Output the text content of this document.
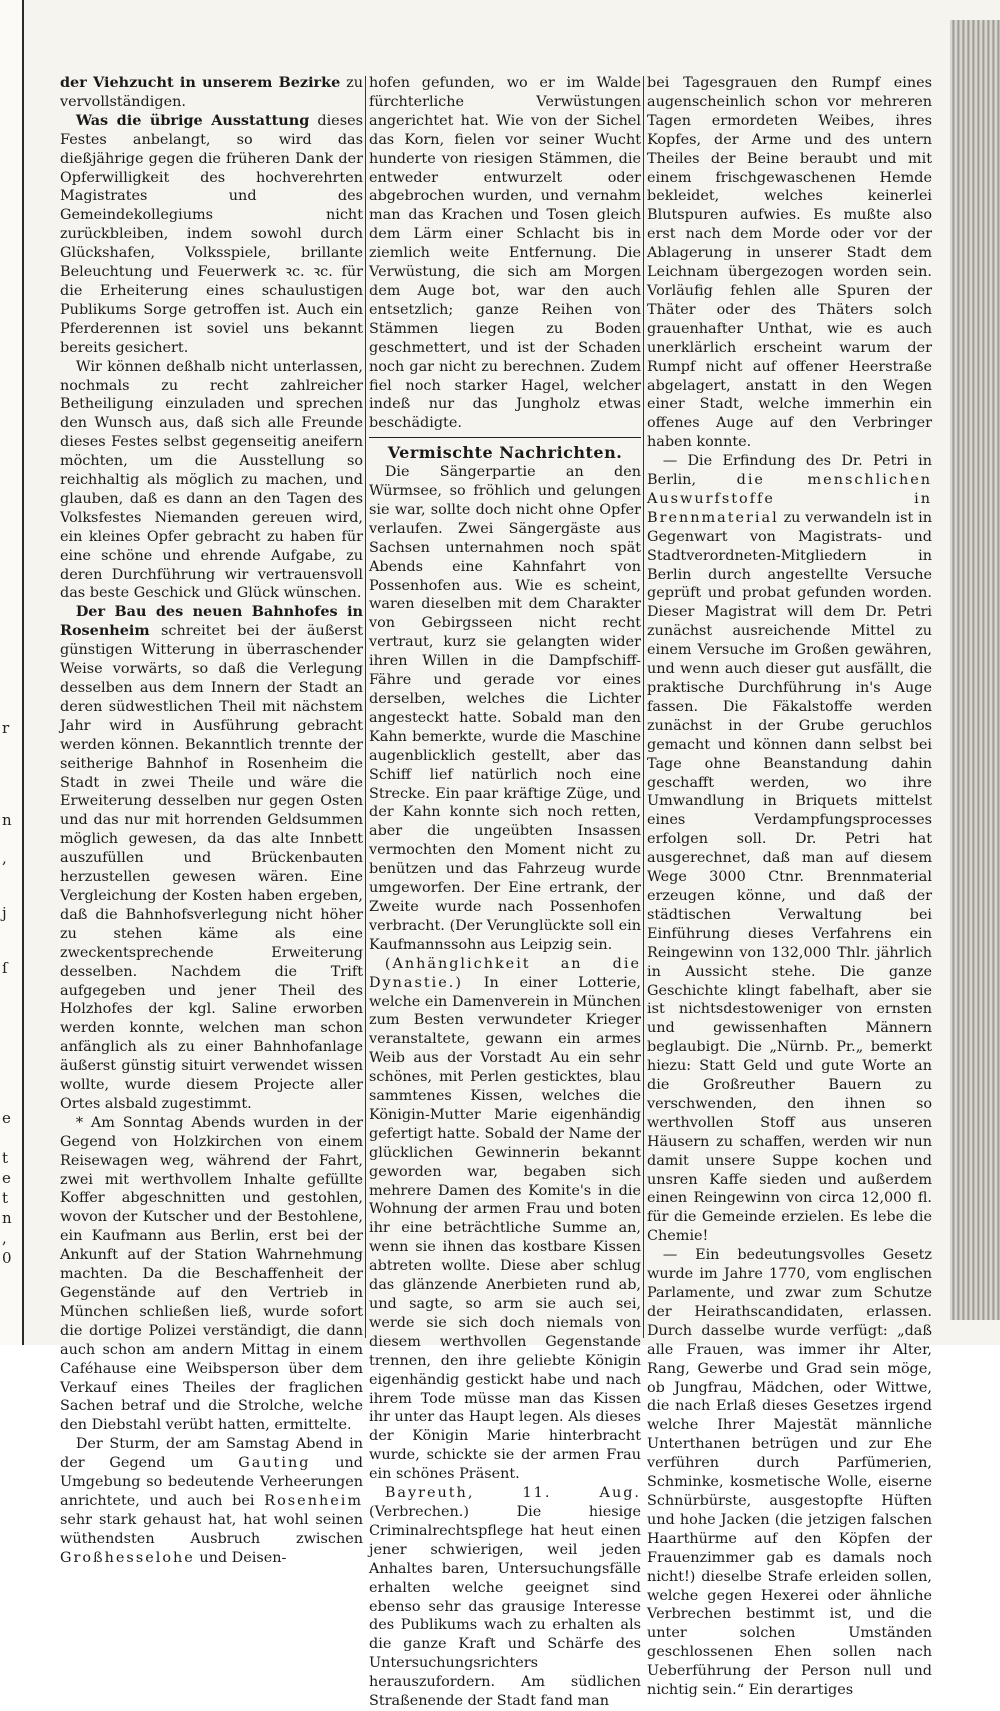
r
n
,
j
ſ
e
t
e
t
n
,
0

der Viehzucht in unserem Bezirke zu vervollständigen.

Was die übrige Ausstattung dieses Festes anbelangt, so wird das dießjährige gegen die früheren Dank der Opferwilligkeit des hochverehrten Magistrates und des Gemeindekollegiums nicht zurückbleiben, indem sowohl durch Glückshafen, Volksspiele, brillante Beleuchtung und Feuerwerk ꝛc. ꝛc. für die Erheiterung eines schaulustigen Publikums Sorge getroffen ist. Auch ein Pferderennen ist soviel uns bekannt bereits gesichert.

Wir können deßhalb nicht unterlassen, nochmals zu recht zahlreicher Betheiligung einzuladen und sprechen den Wunsch aus, daß sich alle Freunde dieses Festes selbst gegenseitig aneifern möchten, um die Ausstellung so reichhaltig als möglich zu machen, und glauben, daß es dann an den Tagen des Volksfestes Niemanden gereuen wird, ein kleines Opfer gebracht zu haben für eine schöne und ehrende Aufgabe, zu deren Durchführung wir vertrauensvoll das beste Geschick und Glück wünschen.

Der Bau des neuen Bahnhofes in Rosenheim schreitet bei der äußerst günstigen Witterung in überraschender Weise vorwärts, so daß die Verlegung desselben aus dem Innern der Stadt an deren südwestlichen Theil mit nächstem Jahr wird in Ausführung gebracht werden können. Bekanntlich trennte der seitherige Bahnhof in Rosenheim die Stadt in zwei Theile und wäre die Erweiterung desselben nur gegen Osten und das nur mit horrenden Geldsummen möglich gewesen, da das alte Innbett auszufüllen und Brückenbauten herzustellen gewesen wären. Eine Vergleichung der Kosten haben ergeben, daß die Bahnhofsverlegung nicht höher zu stehen käme als eine zweckentsprechende Erweiterung desselben. Nachdem die Trift aufgegeben und jener Theil des Holzhofes der kgl. Saline erworben werden konnte, welchen man schon anfänglich als zu einer Bahnhofanlage äußerst günstig situirt verwendet wissen wollte, wurde diesem Projecte aller Ortes alsbald zugestimmt.

* Am Sonntag Abends wurden in der Gegend von Holzkirchen von einem Reisewagen weg, während der Fahrt, zwei mit werthvollem Inhalte gefüllte Koffer abgeschnitten und gestohlen, wovon der Kutscher und der Bestohlene, ein Kaufmann aus Berlin, erst bei der Ankunft auf der Station Wahrnehmung machten. Da die Beschaffenheit der Gegenstände auf den Vertrieb in München schließen ließ, wurde sofort die dortige Polizei verständigt, die dann auch schon am andern Mittag in einem Caféhause eine Weibsperson über dem Verkauf eines Theiles der fraglichen Sachen betraf und die Strolche, welche den Diebstahl verübt hatten, ermittelte.

Der Sturm, der am Samstag Abend in der Gegend um Gauting und Umgebung so bedeutende Verheerungen anrichtete, und auch bei Rosenheim sehr stark gehaust hat, hat wohl seinen wüthendsten Ausbruch zwischen Großhesselohe und Deisen-

hofen gefunden, wo er im Walde fürchterliche Verwüstungen angerichtet hat. Wie von der Sichel das Korn, fielen vor seiner Wucht hunderte von riesigen Stämmen, die entweder entwurzelt oder abgebrochen wurden, und vernahm man das Krachen und Tosen gleich dem Lärm einer Schlacht bis in ziemlich weite Entfernung. Die Verwüstung, die sich am Morgen dem Auge bot, war den auch entsetzlich; ganze Reihen von Stämmen liegen zu Boden geschmettert, und ist der Schaden noch gar nicht zu berechnen. Zudem fiel noch starker Hagel, welcher indeß nur das Jungholz etwas beschädigte.

Vermischte Nachrichten.

Die Sängerpartie an den Würmsee, so fröhlich und gelungen sie war, sollte doch nicht ohne Opfer verlaufen. Zwei Sängergäste aus Sachsen unternahmen noch spät Abends eine Kahnfahrt von Possenhofen aus. Wie es scheint, waren dieselben mit dem Charakter von Gebirgsseen nicht recht vertraut, kurz sie gelangten wider ihren Willen in die Dampfschiff-Fähre und gerade vor eines derselben, welches die Lichter angesteckt hatte. Sobald man den Kahn bemerkte, wurde die Maschine augenblicklich gestellt, aber das Schiff lief natürlich noch eine Strecke. Ein paar kräftige Züge, und der Kahn konnte sich noch retten, aber die ungeübten Insassen vermochten den Moment nicht zu benützen und das Fahrzeug wurde umgeworfen. Der Eine ertrank, der Zweite wurde nach Possenhofen verbracht. (Der Verunglückte soll ein Kaufmannssohn aus Leipzig sein.

(Anhänglichkeit an die Dynastie.) In einer Lotterie, welche ein Damenverein in München zum Besten verwundeter Krieger veranstaltete, gewann ein armes Weib aus der Vorstadt Au ein sehr schönes, mit Perlen gesticktes, blau sammtenes Kissen, welches die Königin-Mutter Marie eigenhändig gefertigt hatte. Sobald der Name der glücklichen Gewinnerin bekannt geworden war, begaben sich mehrere Damen des Komite's in die Wohnung der armen Frau und boten ihr eine beträchtliche Summe an, wenn sie ihnen das kostbare Kissen abtreten wollte. Diese aber schlug das glänzende Anerbieten rund ab, und sagte, so arm sie auch sei, werde sie sich doch niemals von diesem werthvollen Gegenstande trennen, den ihre geliebte Königin eigenhändig gestickt habe und nach ihrem Tode müsse man das Kissen ihr unter das Haupt legen. Als dieses der Königin Marie hinterbracht wurde, schickte sie der armen Frau ein schönes Präsent.

Bayreuth, 11. Aug. (Verbrechen.) Die hiesige Criminalrechtspflege hat heut einen jener schwierigen, weil jeden Anhaltes baren, Untersuchungsfälle erhalten welche geeignet sind ebenso sehr das grausige Interesse des Publikums wach zu erhalten als die ganze Kraft und Schärfe des Untersuchungsrichters herauszufordern. Am südlichen Straßenende der Stadt fand man

bei Tagesgrauen den Rumpf eines augenscheinlich schon vor mehreren Tagen ermordeten Weibes, ihres Kopfes, der Arme und des untern Theiles der Beine beraubt und mit einem frischgewaschenen Hemde bekleidet, welches keinerlei Blutspuren aufwies. Es mußte also erst nach dem Morde oder vor der Ablagerung in unserer Stadt dem Leichnam übergezogen worden sein. Vorläufig fehlen alle Spuren der Thäter oder des Thäters solch grauenhafter Unthat, wie es auch unerklärlich erscheint warum der Rumpf nicht auf offener Heerstraße abgelagert, anstatt in den Wegen einer Stadt, welche immerhin ein offenes Auge auf den Verbringer haben konnte.

— Die Erfindung des Dr. Petri in Berlin, die menschlichen Auswurfstoffe in Brennmaterial zu verwandeln ist in Gegenwart von Magistrats- und Stadtverordneten-Mitgliedern in Berlin durch angestellte Versuche geprüft und probat gefunden worden. Dieser Magistrat will dem Dr. Petri zunächst ausreichende Mittel zu einem Versuche im Großen gewähren, und wenn auch dieser gut ausfällt, die praktische Durchführung in's Auge fassen. Die Fäkalstoffe werden zunächst in der Grube geruchlos gemacht und können dann selbst bei Tage ohne Beanstandung dahin geschafft werden, wo ihre Umwandlung in Briquets mittelst eines Verdampfungsprocesses erfolgen soll. Dr. Petri hat ausgerechnet, daß man auf diesem Wege 3000 Ctnr. Brennmaterial erzeugen könne, und daß der städtischen Verwaltung bei Einführung dieses Verfahrens ein Reingewinn von 132,000 Thlr. jährlich in Aussicht stehe. Die ganze Geschichte klingt fabelhaft, aber sie ist nichtsdestoweniger von ernsten und gewissenhaften Männern beglaubigt. Die „Nürnb. Pr.„ bemerkt hiezu: Statt Geld und gute Worte an die Großreuther Bauern zu verschwenden, den ihnen so werthvollen Stoff aus unseren Häusern zu schaffen, werden wir nun damit unsere Suppe kochen und unsren Kaffe sieden und außerdem einen Reingewinn von circa 12,000 fl. für die Gemeinde erzielen. Es lebe die Chemie!

— Ein bedeutungsvolles Gesetz wurde im Jahre 1770, vom englischen Parlamente, und zwar zum Schutze der Heirathscandidaten, erlassen. Durch dasselbe wurde verfügt: „daß alle Frauen, was immer ihr Alter, Rang, Gewerbe und Grad sein möge, ob Jungfrau, Mädchen, oder Wittwe, die nach Erlaß dieses Gesetzes irgend welche Ihrer Majestät männliche Unterthanen betrügen und zur Ehe verführen durch Parfümerien, Schminke, kosmetische Wolle, eiserne Schnürbürste, ausgestopfte Hüften und hohe Jacken (die jetzigen falschen Haarthürme auf den Köpfen der Frauenzimmer gab es damals noch nicht!) dieselbe Strafe erleiden sollen, welche gegen Hexerei oder ähnliche Verbrechen bestimmt ist, und die unter solchen Umständen geschlossenen Ehen sollen nach Ueberführung der Person null und nichtig sein.“ Ein derartiges
